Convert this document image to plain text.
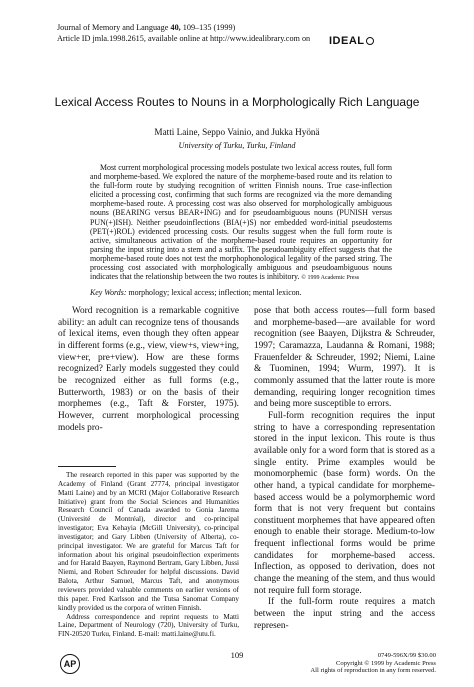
Journal of Memory and Language 40, 109–135 (1999)
Article ID jmla.1998.2615, available online at http://www.idealibrary.com on IDEAL
Lexical Access Routes to Nouns in a Morphologically Rich Language
Matti Laine, Seppo Vainio, and Jukka Hyönä
University of Turku, Turku, Finland

Most current morphological processing models postulate two lexical access routes, full form and morpheme-based. We explored the nature of the morpheme-based route and its relation to the full-form route by studying recognition of written Finnish nouns. True case-inflection elicited a processing cost, confirming that such forms are recognized via the more demanding morpheme-based route. A processing cost was also observed for morphologically ambiguous nouns (BEARING versus BEAR+ING) and for pseudoambiguous nouns (PUNISH versus PUN(+)ISH). Neither pseudoinflections (BIA(+)S) nor embedded word-initial pseudostems (PET(+)ROL) evidenced processing costs. Our results suggest when the full form route is active, simultaneous activation of the morpheme-based route requires an opportunity for parsing the input string into a stem and a suffix. The pseudoambiguity effect suggests that the morpheme-based route does not test the morphophonological legality of the parsed string. The processing cost associated with morphologically ambiguous and pseudoambiguous nouns indicates that the relationship between the two routes is inhibitory. © 1999 Academic Press

Key Words: morphology; lexical access; inflection; mental lexicon.

Word recognition is a remarkable cognitive ability: an adult can recognize tens of thousands of lexical items, even though they often appear in different forms (e.g., view, view+s, view+ing, view+er, pre+view). How are these forms recognized? Early models suggested they could be recognized either as full forms (e.g., Butterworth, 1983) or on the basis of their morphemes (e.g., Taft & Forster, 1975). However, current morphological processing models pro-

The research reported in this paper was supported by the Academy of Finland (Grant 27774, principal investigator Matti Laine) and by an MCRI (Major Collaborative Research Initiative) grant from the Social Sciences and Humanities Research Council of Canada awarded to Gonia Jarema (Université de Montréal), director and co-principal investigator; Eva Kehayia (McGill University), co-principal investigator; and Gary Libben (University of Alberta), co-principal investigator. We are grateful for Marcus Taft for information about his original pseudoinflection experiments and for Harald Baayen, Raymond Bertram, Gary Libben, Jussi Niemi, and Robert Schreuder for helpful discussions. David Balota, Arthur Samuel, Marcus Taft, and anonymous reviewers provided valuable comments on earlier versions of this paper. Fred Karlsson and the Tutsa Sanomat Company kindly provided us the corpora of written Finnish.

Address correspondence and reprint requests to Matti Laine, Department of Neurology (720), University of Turku, FIN-20520 Turku, Finland. E-mail: matti.laine@utu.fi.

pose that both access routes—full form based and morpheme-based—are available for word recognition (see Baayen, Dijkstra & Schreuder, 1997; Caramazza, Laudanna & Romani, 1988; Frauenfelder & Schreuder, 1992; Niemi, Laine & Tuominen, 1994; Wurm, 1997). It is commonly assumed that the latter route is more demanding, requiring longer recognition times and being more susceptible to errors.

Full-form recognition requires the input string to have a corresponding representation stored in the input lexicon. This route is thus available only for a word form that is stored as a single entity. Prime examples would be monomorphemic (base form) words. On the other hand, a typical candidate for morpheme-based access would be a polymorphemic word form that is not very frequent but contains constituent morphemes that have appeared often enough to enable their storage. Medium-to-low frequent inflectional forms would be prime candidates for morpheme-based access. Inflection, as opposed to derivation, does not change the meaning of the stem, and thus would not require full form storage.

If the full-form route requires a match between the input string and the access represen-

AP
109	0749-596X/99 $30.00
Copyright © 1999 by Academic Press
All rights of reproduction in any form reserved.
